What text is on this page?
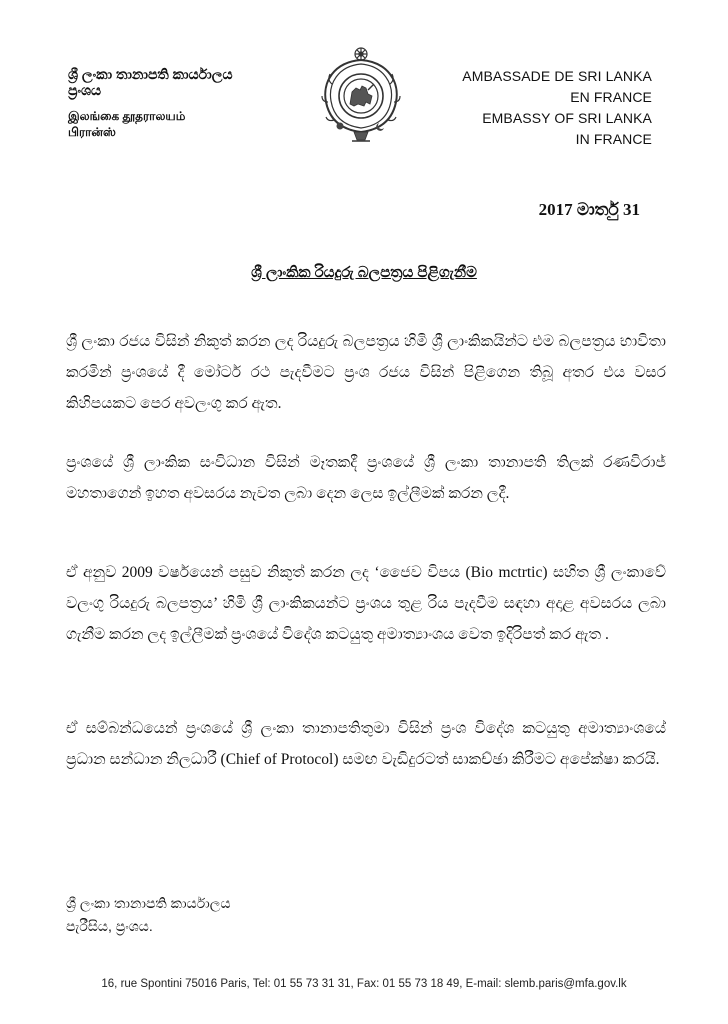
ශ්‍රී ලංකා තානාපති කාර්යාලය
ප්‍රංශය
இலங்கை தூதராலயம்
பிரான்ஸ்
AMBASSADE DE SRI LANKA
EN FRANCE
EMBASSY OF SRI LANKA
IN FRANCE
2017 මාර්තු 31
ශ්‍රී ලාංකික රියදුරු බලපත්‍රය පිළිගැනීම
ශ්‍රී ලංකා රජය විසින් නිකුත් කරන ලද රියදුරු බලපත්‍රය හිමි ශ්‍රී ලාංකිකයින්ට එම බලපත්‍රය භාවිතා කරමින් ප්‍රංශයේ දී මෝටර් රථ පැදවීමට ප්‍රංශ රජය විසින් පිළිගෙන තිබූ අතර එය වසර කිහිපයකට පෙර අවලංගු කර ඇත.
ප්‍රංශයේ ශ්‍රී ලාංකික සංවිධාන විසින් මෑතකදී ප්‍රංශයේ ශ්‍රී ලංකා තානාපති තිලක් රණවිරාජ් මහතාගෙන් ඉහත අවසරය නැවත ලබා දෙන ලෙස ඉල්ලීමක් කරන ලදී.
ඒ අනුව 2009 වර්ෂයෙන් පසුව නිකුත් කරන ලද ‘ජෛව විපය (Bio mctrtic) සහිත ශ්‍රී ලංකාවේ වලංගු රියදුරු බලපත්‍රය’ හිමි ශ්‍රී ලාංකිකයන්ට ප්‍රංශය තුළ රිය පැදවීම සඳහා අදාළ අවසරය ලබා ගැනීම කරන ලද ඉල්ලීමක් ප්‍රංශයේ විදේශ කටයුතු අමාත්‍යාංශය වෙත ඉදිරිපත් කර ඇත .
ඒ සම්බන්ධයෙන් ප්‍රංශයේ ශ්‍රී ලංකා තානාපතිතුමා විසින් ප්‍රංශ විදේශ කටයුතු අමාත්‍යාංශයේ ප්‍රධාන සන්ධාන නිලධාරී (Chief of Protocol) සමඟ වැඩිදුරටත් සාකච්ඡා කිරීමට අපේක්ෂා කරයි.
ශ්‍රී ලංකා තානාපති කාර්යාලය
පැරීසිය, ප්‍රංශය.
16, rue Spontini 75016 Paris, Tel: 01 55 73 31 31, Fax: 01 55 73 18 49, E-mail: slemb.paris@mfa.gov.lk
